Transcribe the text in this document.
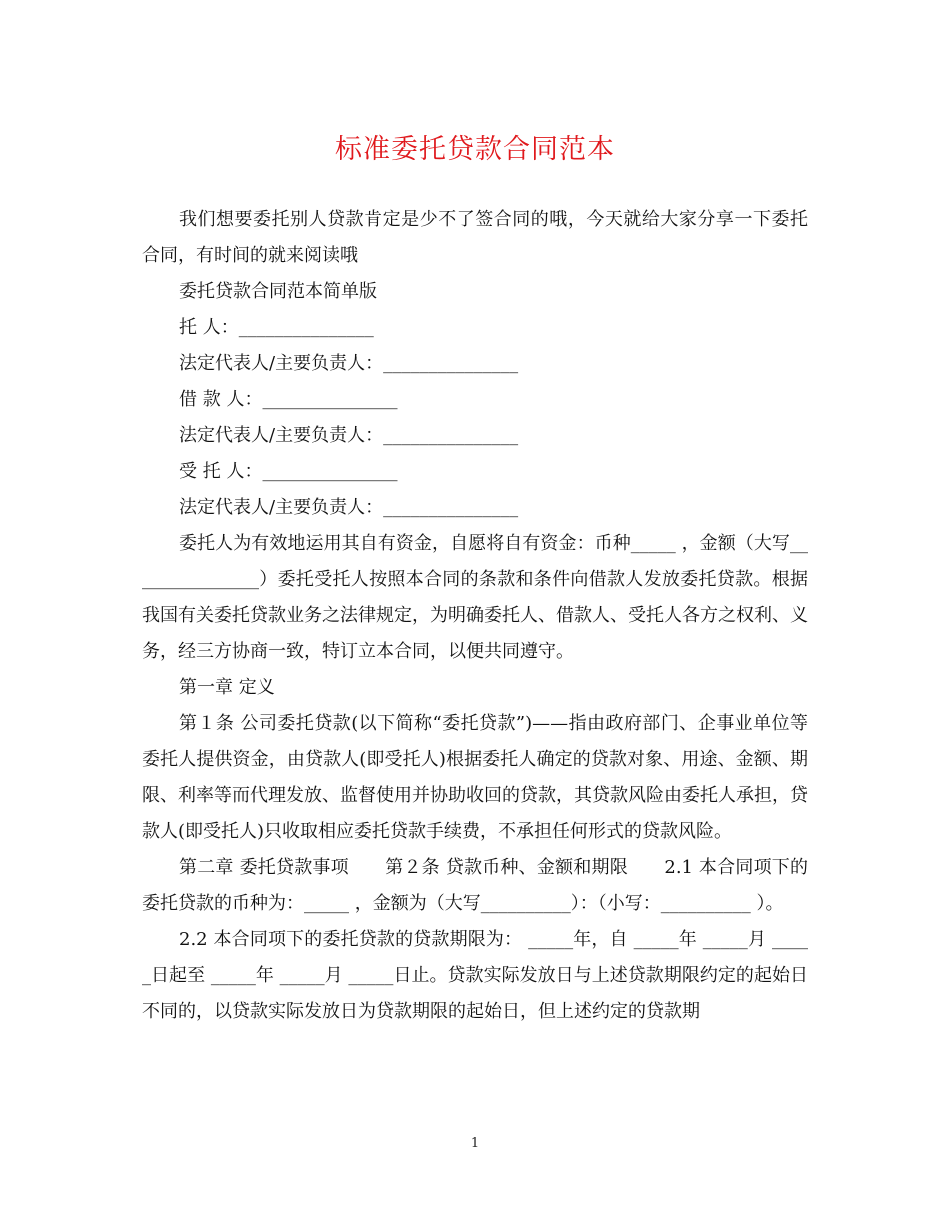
标准委托贷款合同范本

我们想要委托别人贷款肯定是少不了签合同的哦，今天就给大家分享一下委托合同，有时间的就来阅读哦

委托贷款合同范本简单版

托 人：_______________

法定代表人/主要负责人：_______________

借 款 人：_______________

法定代表人/主要负责人：_______________

受 托 人：_______________

法定代表人/主要负责人：_______________

委托人为有效地运用其自有资金，自愿将自有资金：币种_____ ，金额（大写_______________）委托受托人按照本合同的条款和条件向借款人发放委托贷款。根据我国有关委托贷款业务之法律规定，为明确委托人、借款人、受托人各方之权利、义务，经三方协商一致，特订立本合同，以便共同遵守。

第一章 定义

第１条 公司委托贷款(以下简称“委托贷款”)——指由政府部门、企事业单位等委托人提供资金，由贷款人(即受托人)根据委托人确定的贷款对象、用途、金额、期限、利率等而代理发放、监督使用并协助收回的贷款，其贷款风险由委托人承担，贷款人(即受托人)只收取相应委托贷款手续费，不承担任何形式的贷款风险。

第二章 委托贷款事项　　第２条 贷款币种、金额和期限　　2.1 本合同项下的委托贷款的币种为：_____ ，金额为（大写__________）：（小写：__________ ）。

2.2 本合同项下的委托贷款的贷款期限为： _____年，自 _____年 _____月 _____日起至 _____年 _____月 _____日止。贷款实际发放日与上述贷款期限约定的起始日不同的，以贷款实际发放日为贷款期限的起始日，但上述约定的贷款期

1
